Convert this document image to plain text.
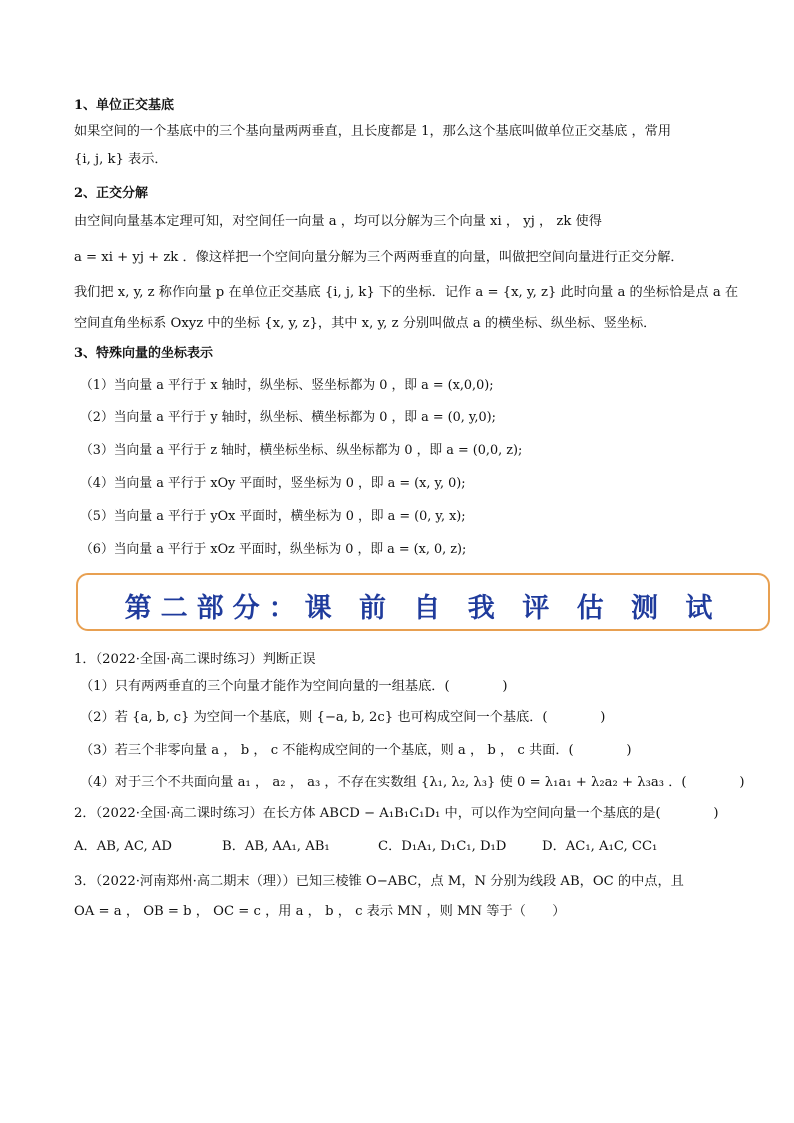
1、单位正交基底
如果空间的一个基底中的三个基向量两两垂直，且长度都是 1，那么这个基底叫做单位正交基底 ，常用
{i, j, k} 表示．
2、正交分解
由空间向量基本定理可知，对空间任一向量 a ，均可以分解为三个向量 xi ， yj ， zk 使得
a = xi + yj + zk ．像这样把一个空间向量分解为三个两两垂直的向量，叫做把空间向量进行正交分解．
我们把 x, y, z 称作向量 p 在单位正交基底 {i, j, k} 下的坐标．记作 a = {x, y, z} 此时向量 a 的坐标恰是点 a 在
空间直角坐标系 Oxyz 中的坐标 {x, y, z}，其中 x, y, z 分别叫做点 a 的横坐标、纵坐标、竖坐标．
3、特殊向量的坐标表示
（1）当向量 a 平行于 x 轴时，纵坐标、竖坐标都为 0 ，即 a = (x,0,0);
（2）当向量 a 平行于 y 轴时，纵坐标、横坐标都为 0 ，即 a = (0, y,0);
（3）当向量 a 平行于 z 轴时，横坐标坐标、纵坐标都为 0 ，即 a = (0,0, z);
（4）当向量 a 平行于 xOy 平面时，竖坐标为 0 ，即 a = (x, y, 0);
（5）当向量 a 平行于 yOx 平面时，横坐标为 0 ，即 a = (0, y, x);
（6）当向量 a 平行于 xOz 平面时，纵坐标为 0 ，即 a = (x, 0, z);
第二部分：课 前 自 我 评 估 测 试
1．（2022·全国·高二课时练习）判断正误
（1）只有两两垂直的三个向量才能作为空间向量的一组基底．(　　　　)
（2）若 {a, b, c} 为空间一个基底，则 {−a, b, 2c} 也可构成空间一个基底．(　　　　)
（3）若三个非零向量 a ， b ， c 不能构成空间的一个基底，则 a ， b ， c 共面．(　　　　)
（4）对于三个不共面向量 a₁ ， a₂ ， a₃ ，不存在实数组 {λ₁, λ₂, λ₃} 使 0 = λ₁a₁ + λ₂a₂ + λ₃a₃ ．(　　　　)
2．（2022·全国·高二课时练习）在长方体 ABCD − A₁B₁C₁D₁ 中，可以作为空间向量一个基底的是(　　　　)
A．AB, AC, AD	B．AB, AA₁, AB₁	C．D₁A₁, D₁C₁, D₁D	D．AC₁, A₁C, CC₁
3．（2022·河南郑州·高二期末（理））已知三棱锥 O−ABC，点 M，N 分别为线段 AB，OC 的中点，且
OA = a ， OB = b ， OC = c ，用 a ， b ， c 表示 MN ，则 MN 等于（　　）
